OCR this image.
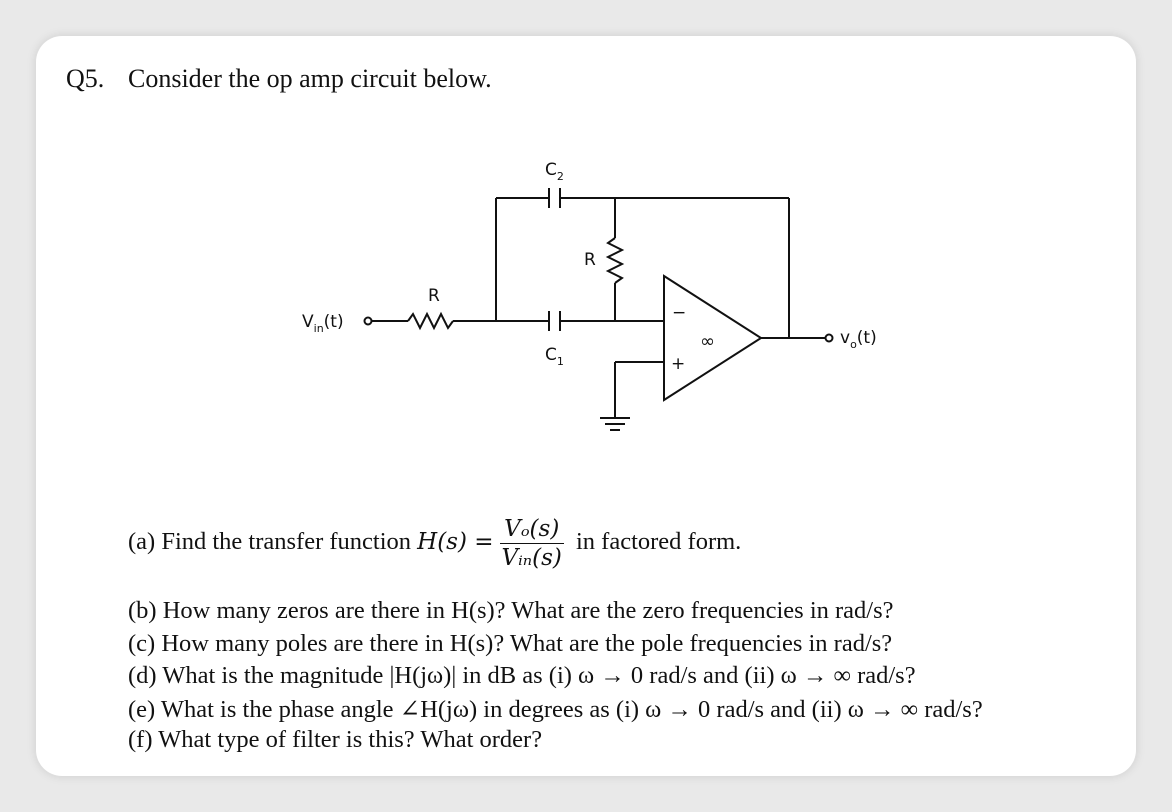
Q5. Consider the op amp circuit below.
$V_{in}(t)$
R
R
$C_2$
$C_1$
$v_o(t)$
∞
−
+
(a) Find the transfer function $H(s) = \frac{\text{Vₒ(s)}}{\text{Vᵢₙ(s)}}$ in factored form.
(b) How many zeros are there in H(s)? What are the zero frequencies in rad/s?
(c) How many poles are there in H(s)? What are the pole frequencies in rad/s?
(d) What is the magnitude |H(jω)| in dB as (i) ω → 0 rad/s and (ii) ω → ∞ rad/s?
(e) What is the phase angle ∠H(jω) in degrees as (i) ω → 0 rad/s and (ii) ω → ∞ rad/s?
(f) What type of filter is this? What order?
